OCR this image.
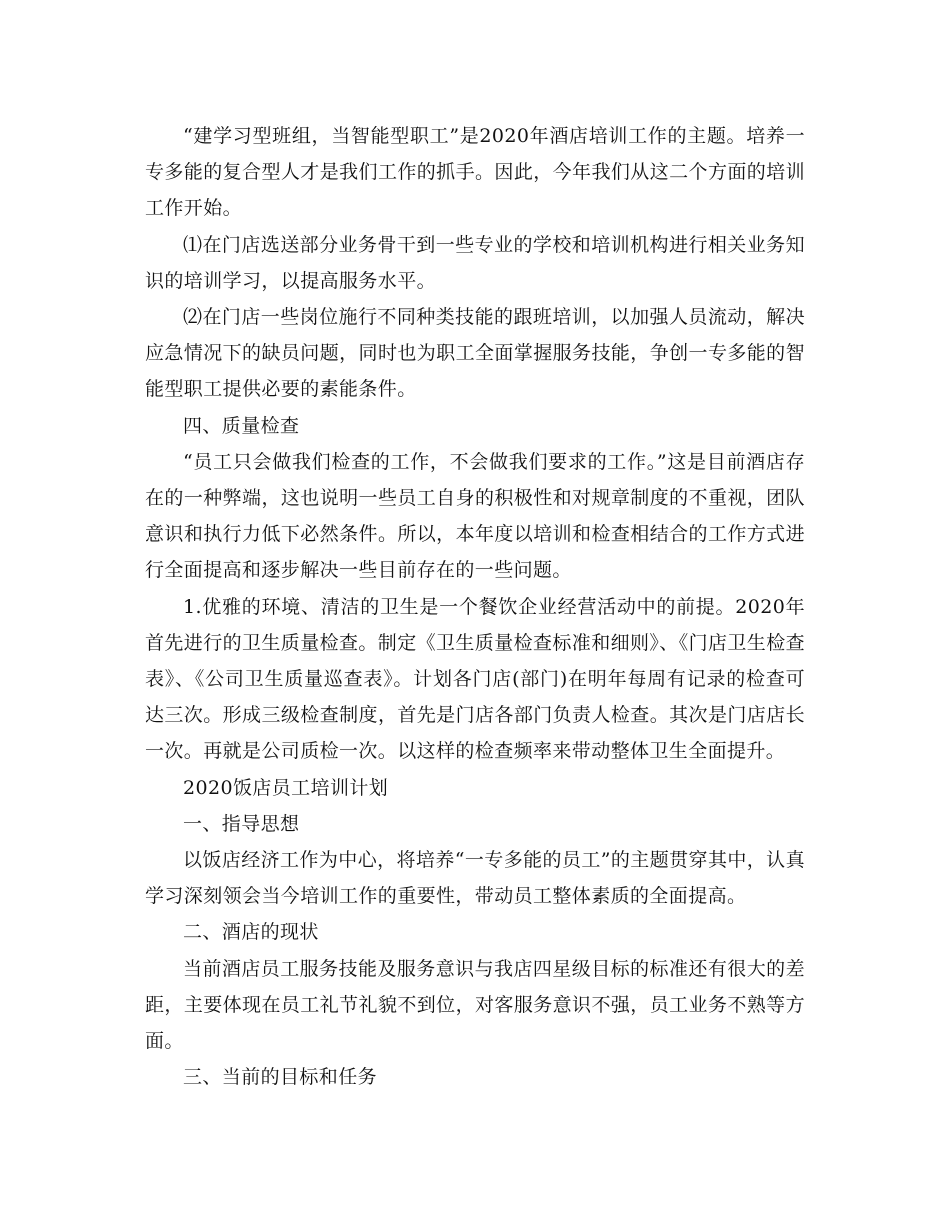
“建学习型班组，当智能型职工”是2020年酒店培训工作的主题。培养一专多能的复合型人才是我们工作的抓手。因此，今年我们从这二个方面的培训工作开始。

⑴在门店选送部分业务骨干到一些专业的学校和培训机构进行相关业务知识的培训学习，以提高服务水平。

⑵在门店一些岗位施行不同种类技能的跟班培训，以加强人员流动，解决应急情况下的缺员问题，同时也为职工全面掌握服务技能，争创一专多能的智能型职工提供必要的素能条件。

四、质量检查

“员工只会做我们检查的工作，不会做我们要求的工作。”这是目前酒店存在的一种弊端，这也说明一些员工自身的积极性和对规章制度的不重视，团队意识和执行力低下必然条件。所以，本年度以培训和检查相结合的工作方式进行全面提高和逐步解决一些目前存在的一些问题。

1.优雅的环境、清洁的卫生是一个餐饮企业经营活动中的前提。2020年首先进行的卫生质量检查。制定《卫生质量检查标准和细则》、《门店卫生检查表》、《公司卫生质量巡查表》。计划各门店(部门)在明年每周有记录的检查可达三次。形成三级检查制度，首先是门店各部门负责人检查。其次是门店店长一次。再就是公司质检一次。以这样的检查频率来带动整体卫生全面提升。

2020饭店员工培训计划

一、指导思想

以饭店经济工作为中心，将培养“一专多能的员工”的主题贯穿其中，认真学习深刻领会当今培训工作的重要性，带动员工整体素质的全面提高。

二、酒店的现状

当前酒店员工服务技能及服务意识与我店四星级目标的标准还有很大的差距，主要体现在员工礼节礼貌不到位，对客服务意识不强，员工业务不熟等方面。

三、当前的目标和任务
